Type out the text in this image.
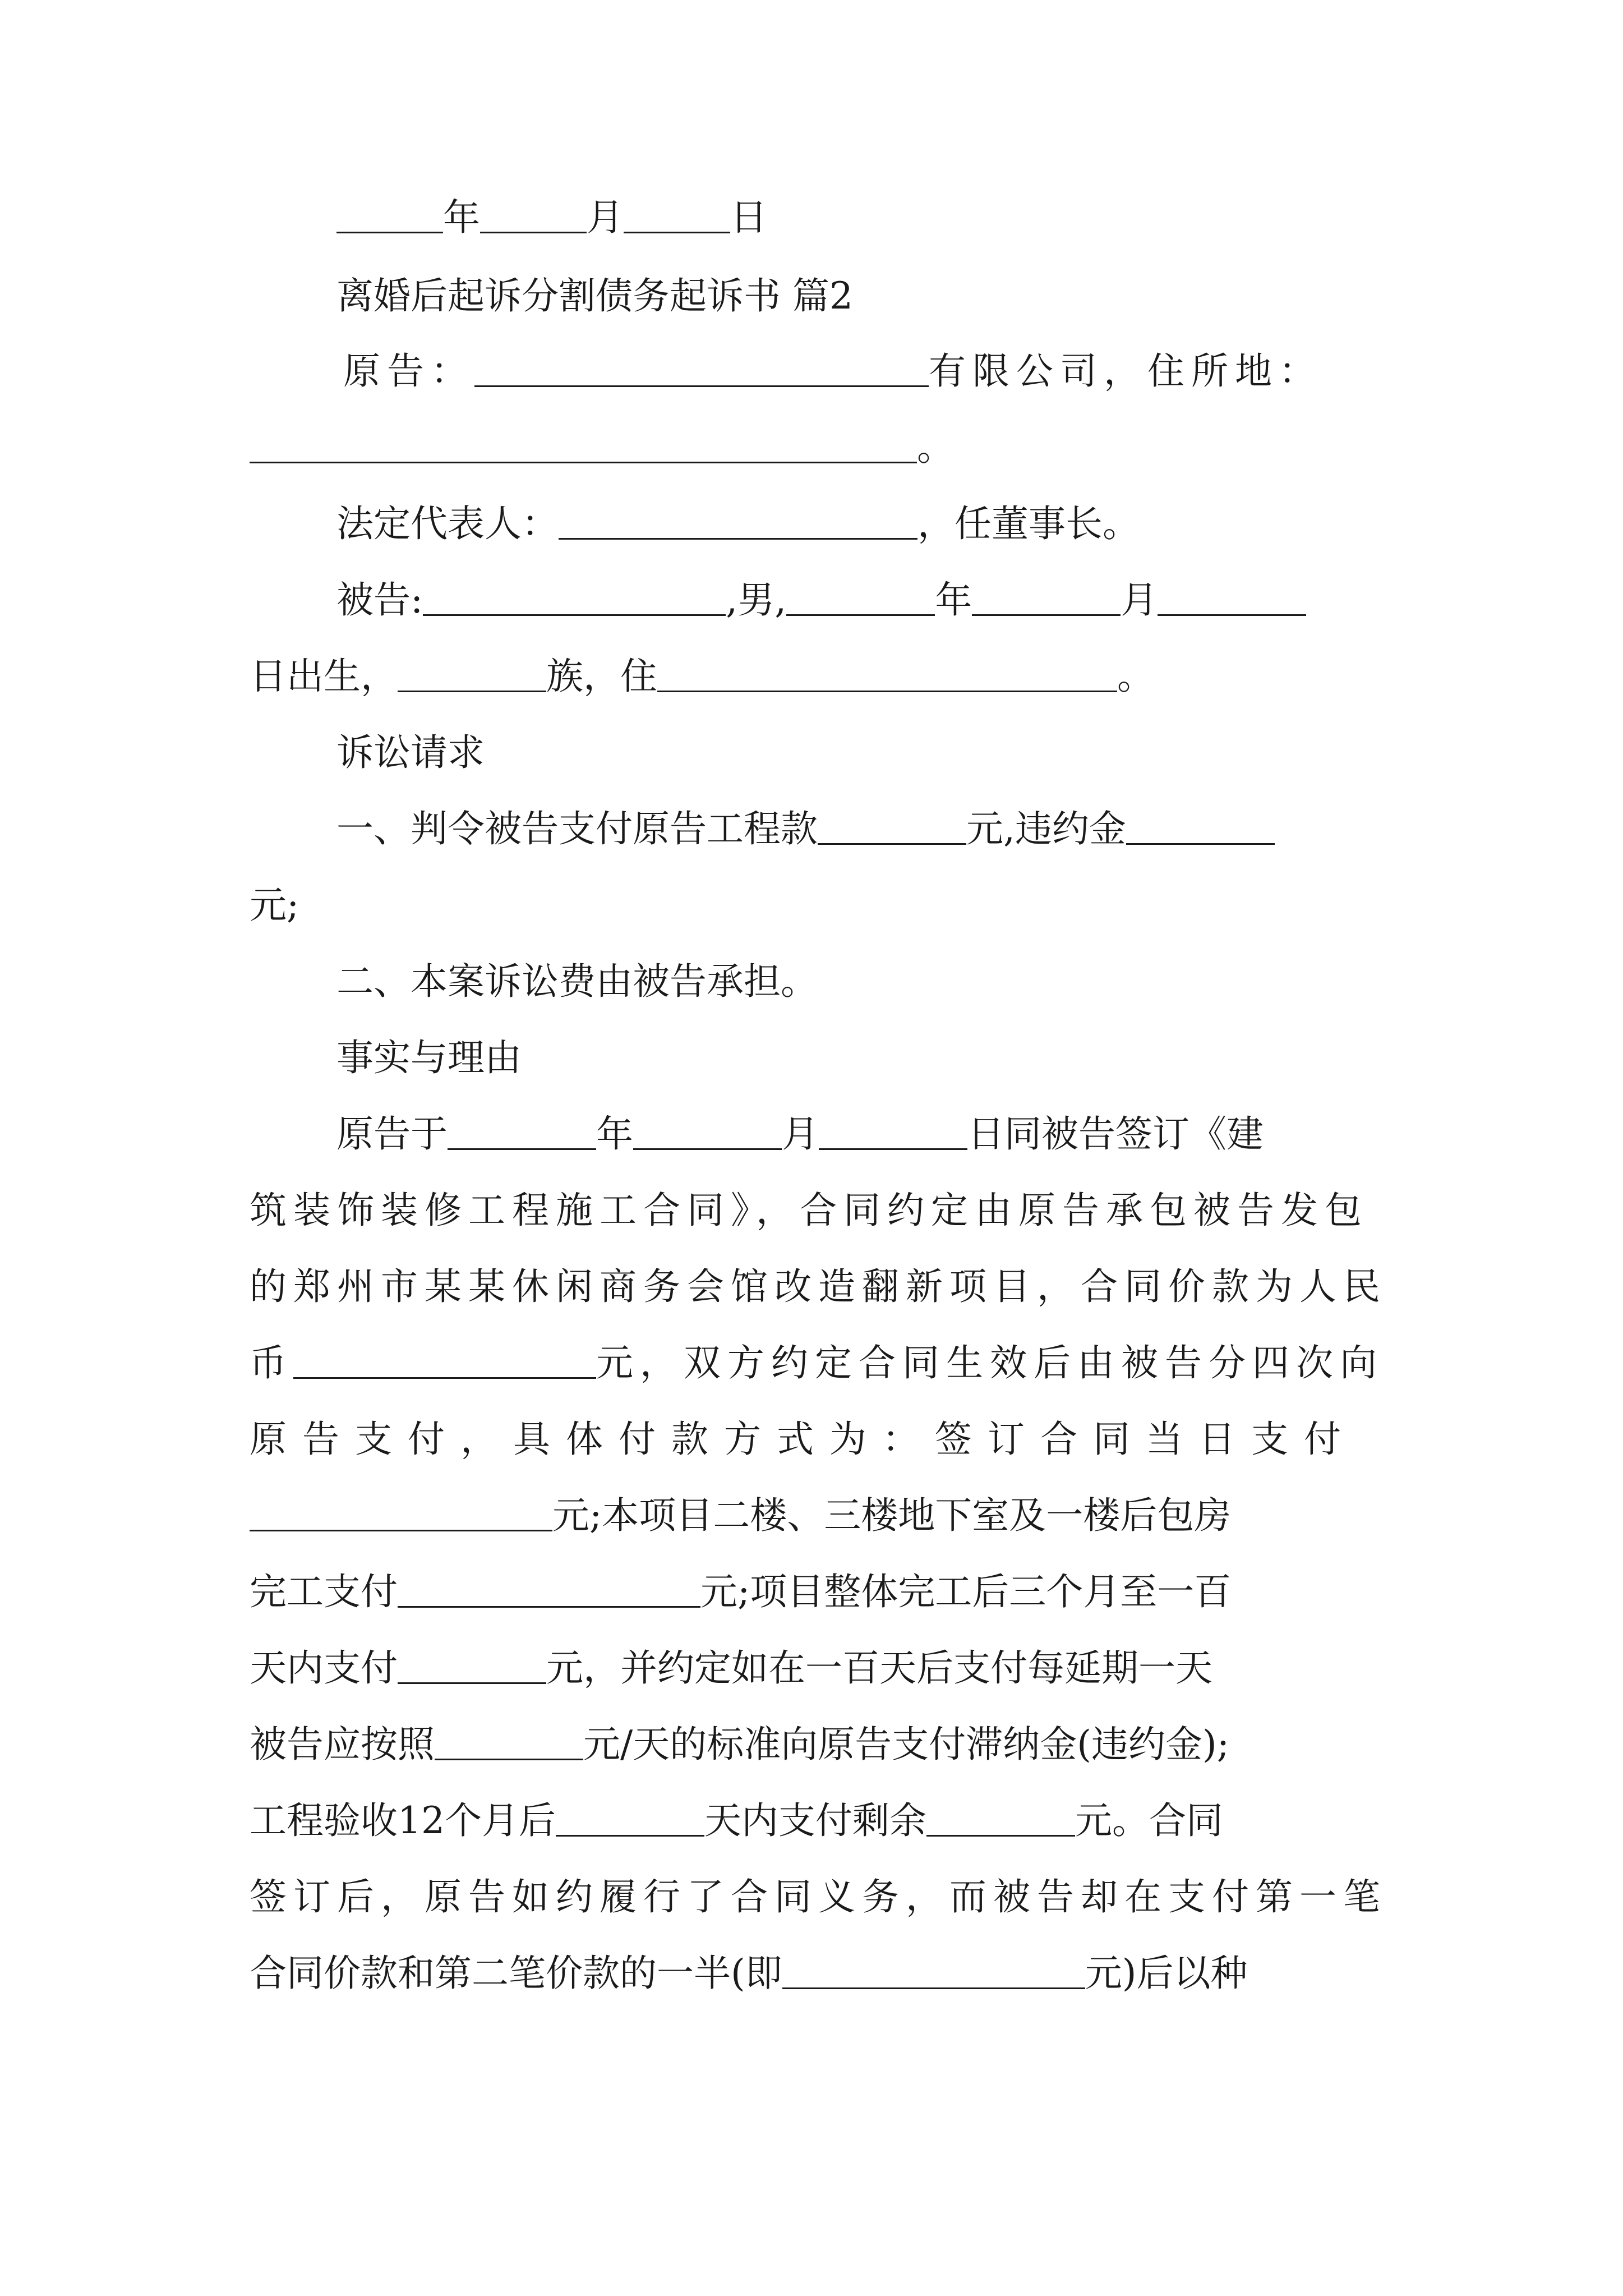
年	月	日
离婚后起诉分割债务起诉书 篇2
原告：	有限公司，住所地：
。
法定代表人：	，任董事长。
被告:	,男,	年	月
日出生，	族，住	。
诉讼请求
一、判令被告支付原告工程款	元,违约金
元;
二、本案诉讼费由被告承担。
事实与理由
原告于	年	月	日同被告签订《建
筑装饰装修工程施工合同》，合同约定由原告承包被告发包
的郑州市某某休闲商务会馆改造翻新项目，合同价款为人民
币	元，双方约定合同生效后由被告分四次向
原告支付，具体付款方式为：签订合同当日支付
元;本项目二楼、三楼地下室及一楼后包房
完工支付	元;项目整体完工后三个月至一百
天内支付	元，并约定如在一百天后支付每延期一天
被告应按照	元/天的标准向原告支付滞纳金(违约金);
工程验收12个月后	天内支付剩余	元。合同
签订后，原告如约履行了合同义务，而被告却在支付第一笔
合同价款和第二笔价款的一半(即	元)后以种
